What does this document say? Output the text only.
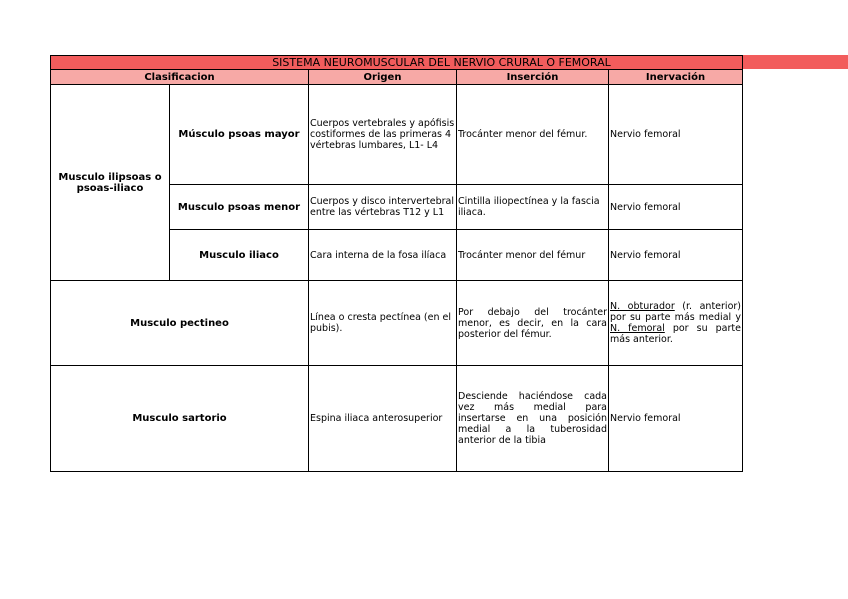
SISTEMA NEUROMUSCULAR DEL NERVIO CRURAL O FEMORAL
Clasificacion		Origen	Inserción	Inervación
Musculo ilipsoas o psoas-iliaco	Músculo psoas mayor	Cuerpos vertebrales y apófisis costiformes de las primeras 4 vértebras lumbares, L1- L4	Trocánter menor del fémur.	Nervio femoral
	Musculo psoas menor	Cuerpos y disco intervertebral entre las vértebras T12 y L1	Cintilla iliopectínea y la fascia iliaca.	Nervio femoral
	Musculo iliaco	Cara interna de la fosa ilíaca	Trocánter menor del fémur	Nervio femoral
Musculo pectineo		Línea o cresta pectínea (en el pubis).	Por debajo del trocánter menor, es decir, en la cara posterior del fémur.	N. obturador (r. anterior) por su parte más medial y N. femoral por su parte más anterior.
Musculo sartorio		Espina iliaca anterosuperior	Desciende haciéndose cada vez más medial para insertarse en una posición medial a la tuberosidad anterior de la tibia	Nervio femoral
